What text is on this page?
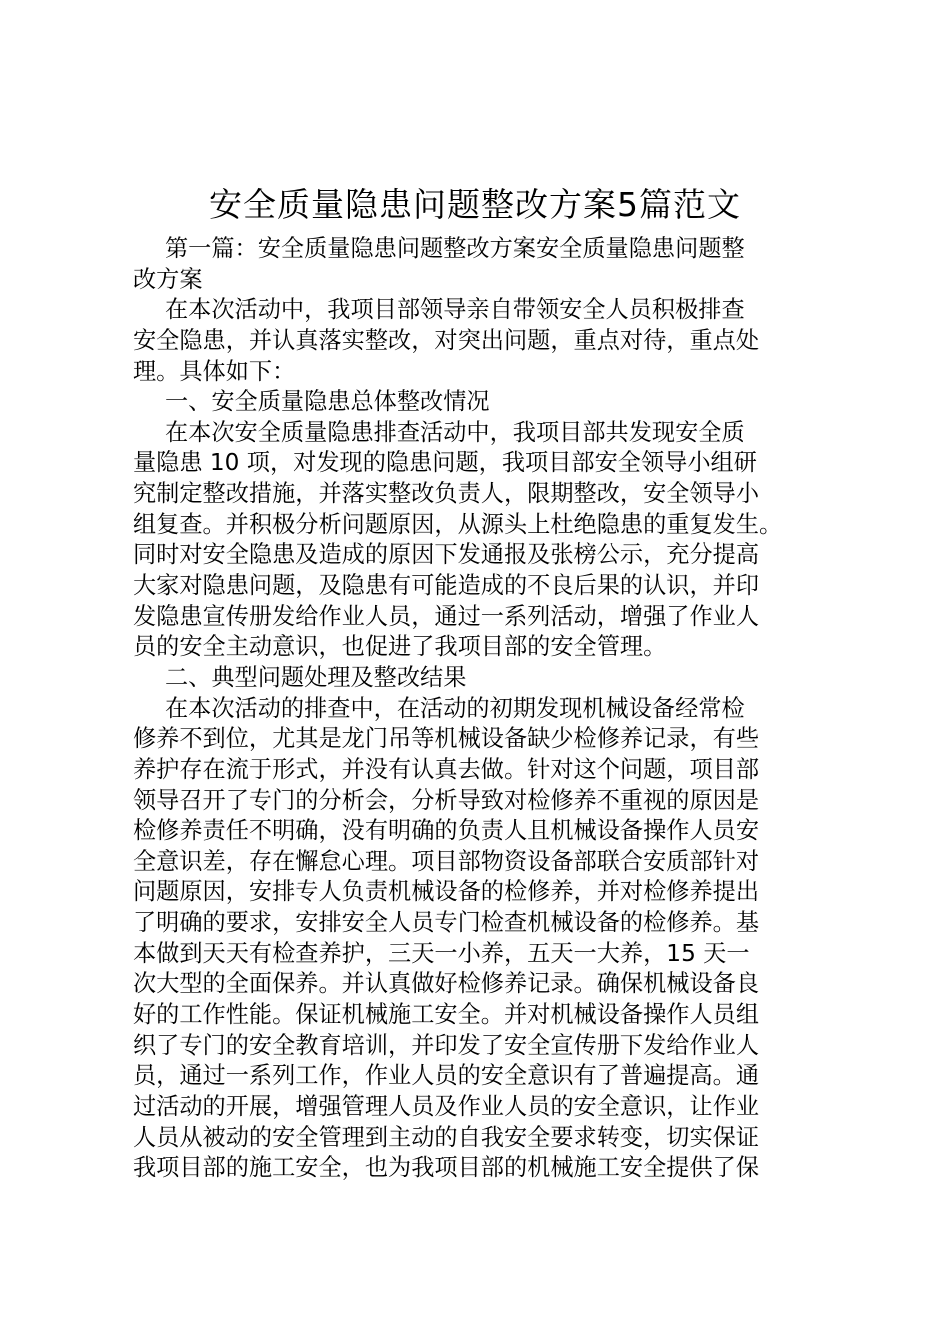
安全质量隐患问题整改方案5篇范文
第一篇：安全质量隐患问题整改方案安全质量隐患问题整
改方案
在本次活动中，我项目部领导亲自带领安全人员积极排查
安全隐患，并认真落实整改，对突出问题，重点对待，重点处
理。具体如下：
一、安全质量隐患总体整改情况
在本次安全质量隐患排查活动中，我项目部共发现安全质
量隐患 10 项，对发现的隐患问题，我项目部安全领导小组研
究制定整改措施，并落实整改负责人，限期整改，安全领导小
组复查。并积极分析问题原因，从源头上杜绝隐患的重复发生。
同时对安全隐患及造成的原因下发通报及张榜公示，充分提高
大家对隐患问题，及隐患有可能造成的不良后果的认识，并印
发隐患宣传册发给作业人员，通过一系列活动，增强了作业人
员的安全主动意识，也促进了我项目部的安全管理。
二、典型问题处理及整改结果
在本次活动的排查中，在活动的初期发现机械设备经常检
修养不到位，尤其是龙门吊等机械设备缺少检修养记录，有些
养护存在流于形式，并没有认真去做。针对这个问题，项目部
领导召开了专门的分析会，分析导致对检修养不重视的原因是
检修养责任不明确，没有明确的负责人且机械设备操作人员安
全意识差，存在懈怠心理。项目部物资设备部联合安质部针对
问题原因，安排专人负责机械设备的检修养，并对检修养提出
了明确的要求，安排安全人员专门检查机械设备的检修养。基
本做到天天有检查养护，三天一小养，五天一大养，15 天一
次大型的全面保养。并认真做好检修养记录。确保机械设备良
好的工作性能。保证机械施工安全。并对机械设备操作人员组
织了专门的安全教育培训，并印发了安全宣传册下发给作业人
员，通过一系列工作，作业人员的安全意识有了普遍提高。通
过活动的开展，增强管理人员及作业人员的安全意识，让作业
人员从被动的安全管理到主动的自我安全要求转变，切实保证
我项目部的施工安全，也为我项目部的机械施工安全提供了保
